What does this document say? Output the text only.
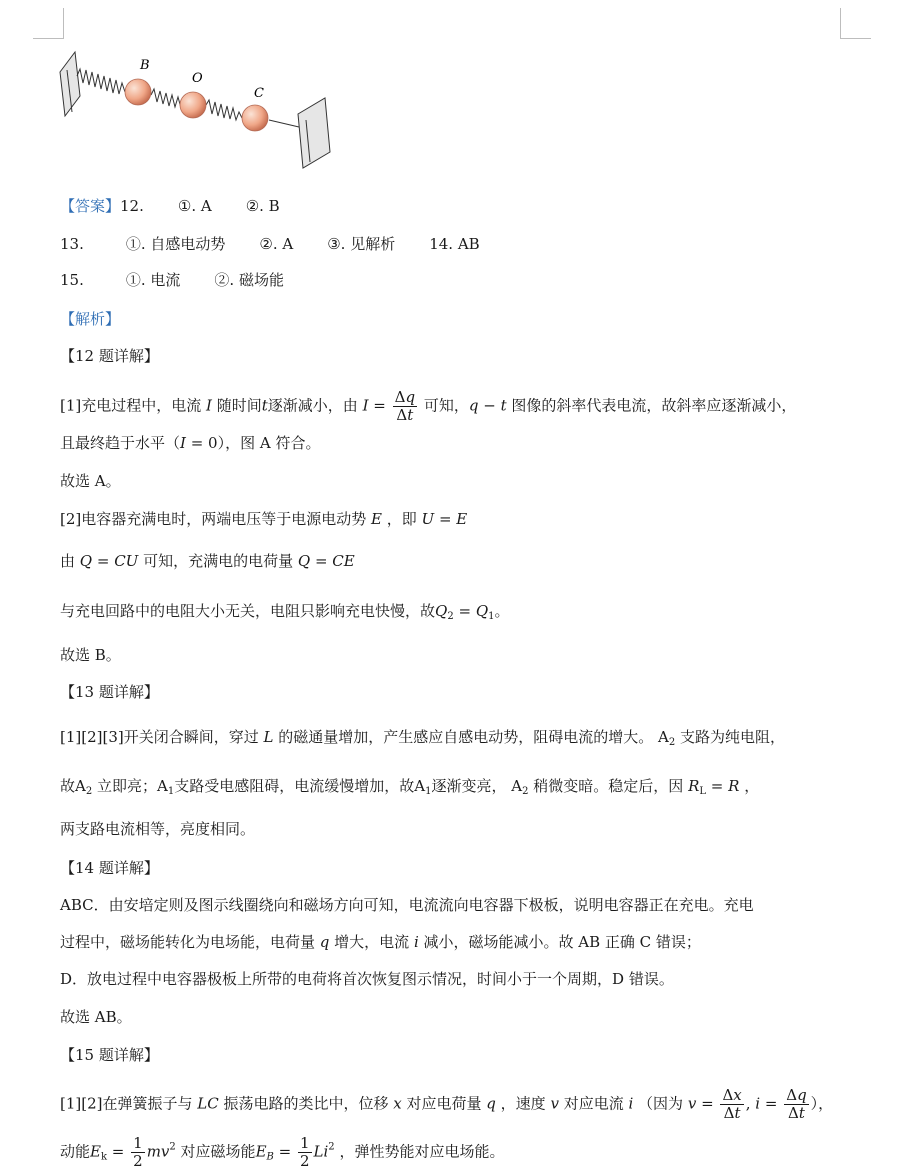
B
O
C
【答案】12. ①. A ②. B
13.	①. 自感电动势 ②. A ③. 见解析 14. AB
15.	①. 电流 ②. 磁场能
【解析】
【12 题详解】
[1]充电过程中，电流 I 随时间t逐渐减小，由 $I = \frac{\Delta q}{\Delta t}$ 可知，q − t 图像的斜率代表电流，故斜率应逐渐减小，
且最终趋于水平（I = 0），图 A 符合。
故选 A。
[2]电容器充满电时，两端电压等于电源电动势 E ，即 U = E
由 Q = CU 可知，充满电的电荷量 Q = CE
与充电回路中的电阻大小无关，电阻只影响充电快慢，故$Q_2 = Q_1$。
故选 B。
【13 题详解】
[1][2][3]开关闭合瞬间，穿过 L 的磁通量增加，产生感应自感电动势，阻碍电流的增大。 $A_2$ 支路为纯电阻，
故$A_2$ 立即亮；$A_1$支路受电感阻碍，电流缓慢增加，故$A_1$逐渐变亮， $A_2$ 稍微变暗。稳定后，因 $R_L = R$ ，
两支路电流相等，亮度相同。
【14 题详解】
ABC．由安培定则及图示线圈绕向和磁场方向可知，电流流向电容器下极板，说明电容器正在充电。充电
过程中，磁场能转化为电场能，电荷量 q 增大，电流 i 减小，磁场能减小。故 AB 正确 C 错误；
D．放电过程中电容器极板上所带的电荷将首次恢复图示情况，时间小于一个周期，D 错误。
故选 AB。
【15 题详解】
[1][2]在弹簧振子与 LC 振荡电路的类比中，位移 x 对应电荷量 q ，速度 v 对应电流 i （因为 $v = \frac{\Delta x}{\Delta t}$ , $i = \frac{\Delta q}{\Delta t}$ ），
动能$E_k = \frac{1}{2} mv^2$ 对应磁场能$E_B = \frac{1}{2} Li^2$ ，弹性势能对应电场能。
